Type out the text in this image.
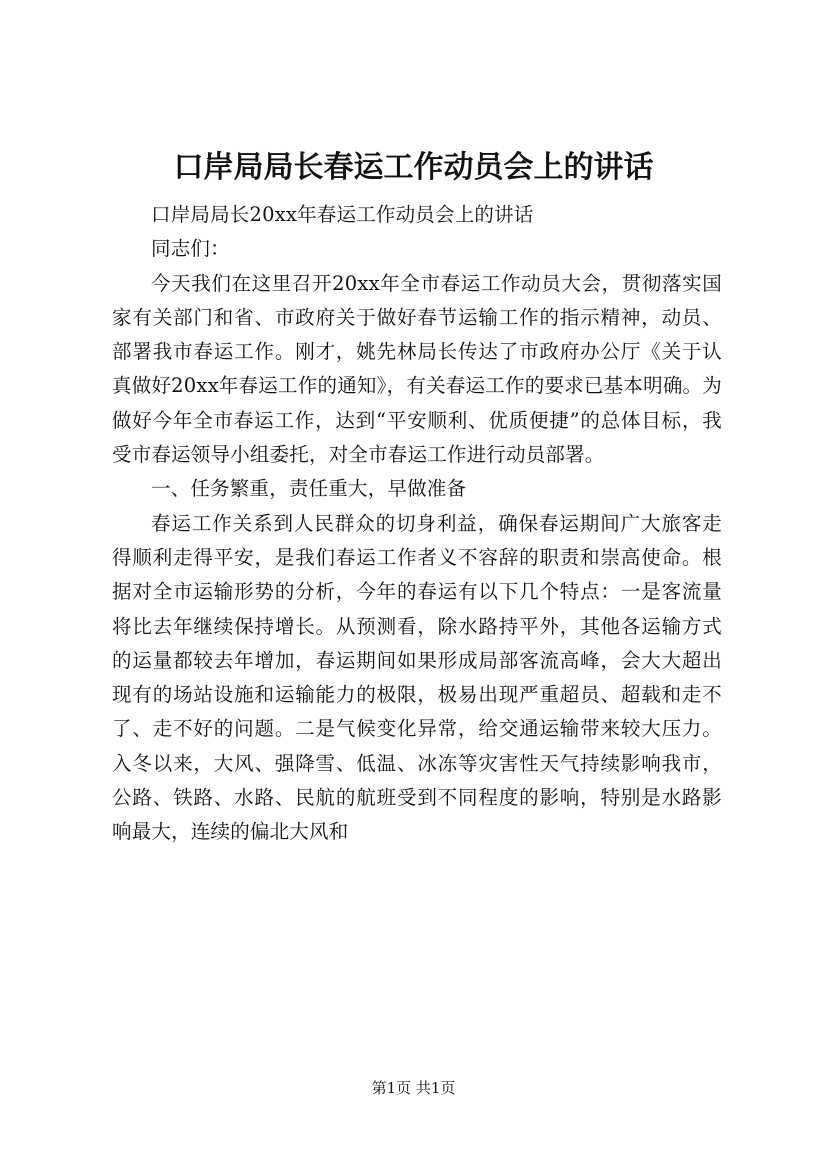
口岸局局长春运工作动员会上的讲话

口岸局局长20xx年春运工作动员会上的讲话

同志们：

今天我们在这里召开20xx年全市春运工作动员大会，贯彻落实国家有关部门和省、市政府关于做好春节运输工作的指示精神，动员、部署我市春运工作。刚才，姚先林局长传达了市政府办公厅《关于认真做好20xx年春运工作的通知》，有关春运工作的要求已基本明确。为做好今年全市春运工作，达到“平安顺利、优质便捷”的总体目标，我受市春运领导小组委托，对全市春运工作进行动员部署。

一、任务繁重，责任重大，早做准备

春运工作关系到人民群众的切身利益，确保春运期间广大旅客走得顺利走得平安，是我们春运工作者义不容辞的职责和崇高使命。根据对全市运输形势的分析，今年的春运有以下几个特点：一是客流量将比去年继续保持增长。从预测看，除水路持平外，其他各运输方式的运量都较去年增加，春运期间如果形成局部客流高峰，会大大超出现有的场站设施和运输能力的极限，极易出现严重超员、超载和走不了、走不好的问题。二是气候变化异常，给交通运输带来较大压力。入冬以来，大风、强降雪、低温、冰冻等灾害性天气持续影响我市，公路、铁路、水路、民航的航班受到不同程度的影响，特别是水路影响最大，连续的偏北大风和

第1页 共1页
